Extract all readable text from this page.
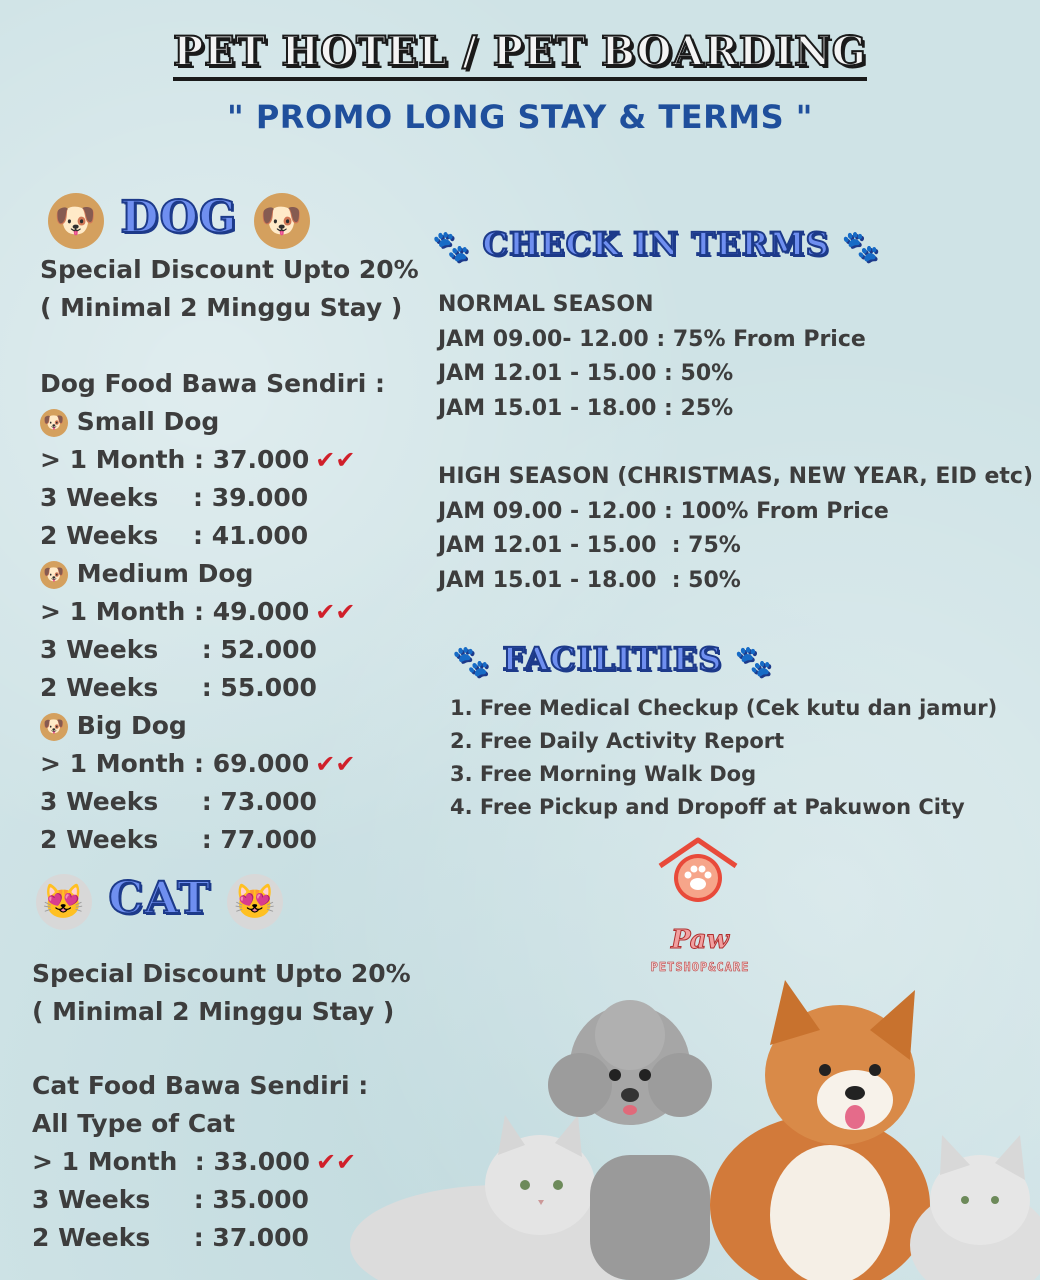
PET HOTEL / PET BOARDING
" PROMO LONG STAY & TERMS "
🐶 DOG 🐶
Special Discount Upto 20%
( Minimal 2 Minggu Stay )
Dog Food Bawa Sendiri :
🐶 Small Dog
> 1 Month : 37.000 ✔✔
3 Weeks    : 39.000
2 Weeks    : 41.000
🐶 Medium Dog
> 1 Month : 49.000 ✔✔
3 Weeks     : 52.000
2 Weeks     : 55.000
🐶 Big Dog
> 1 Month : 69.000 ✔✔
3 Weeks     : 73.000
2 Weeks     : 77.000
😻 CAT 😻
Special Discount Upto 20%
( Minimal 2 Minggu Stay )
Cat Food Bawa Sendiri :
All Type of Cat
> 1 Month  : 33.000 ✔✔
3 Weeks     : 35.000
2 Weeks     : 37.000
🐾 CHECK IN TERMS 🐾
NORMAL SEASON
JAM 09.00- 12.00 : 75% From Price
JAM 12.01 - 15.00 : 50%
JAM 15.01 - 18.00 : 25%
HIGH SEASON (CHRISTMAS, NEW YEAR, EID etc)
JAM 09.00 - 12.00 : 100% From Price
JAM 12.01 - 15.00  : 75%
JAM 15.01 - 18.00  : 50%
🐾 FACILITIES 🐾
1. Free Medical Checkup (Cek kutu dan jamur)
2. Free Daily Activity Report
3. Free Morning Walk Dog
4. Free Pickup and Dropoff at Pakuwon City
Paw
PETSHOP&CARE
